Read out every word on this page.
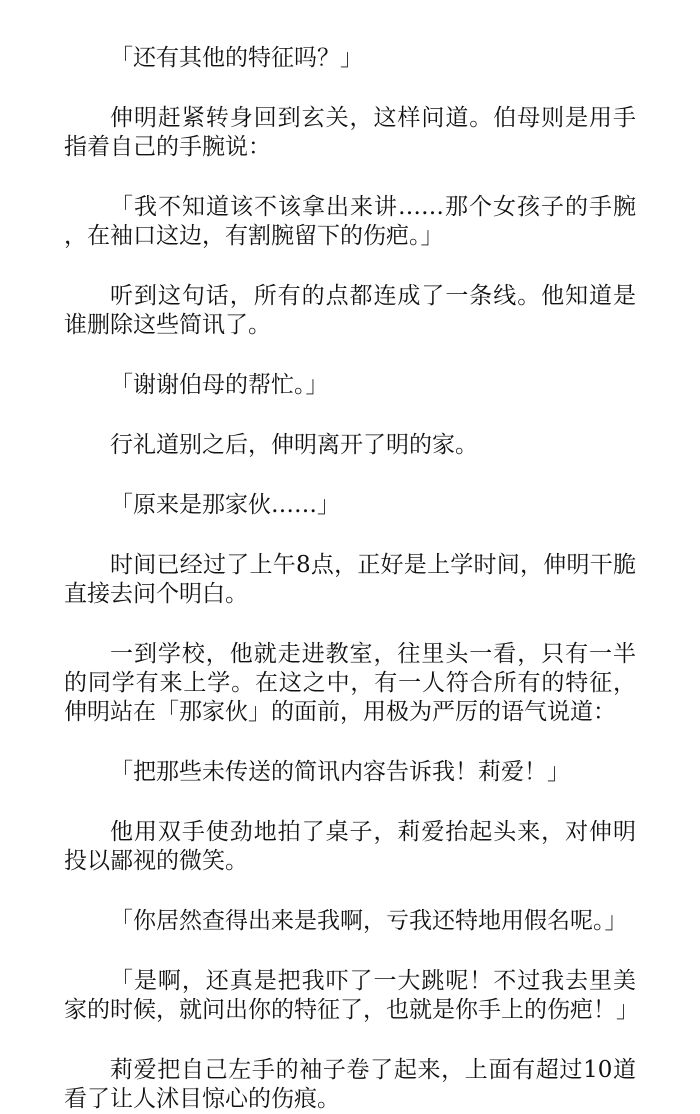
「还有其他的特征吗？」

伸明赶紧转身回到玄关，这样问道。伯母则是用手指着自己的手腕说：

「我不知道该不该拿出来讲……那个女孩子的手腕，在袖口这边，有割腕留下的伤疤。」

听到这句话，所有的点都连成了一条线。他知道是谁删除这些简讯了。

「谢谢伯母的帮忙。」

行礼道别之后，伸明离开了明的家。

「原来是那家伙……」

时间已经过了上午8点，正好是上学时间，伸明干脆直接去问个明白。

一到学校，他就走进教室，往里头一看，只有一半的同学有来上学。在这之中，有一人符合所有的特征，伸明站在「那家伙」的面前，用极为严厉的语气说道：

「把那些未传送的简讯内容告诉我！莉爱！」

他用双手使劲地拍了桌子，莉爱抬起头来，对伸明投以鄙视的微笑。

「你居然查得出来是我啊，亏我还特地用假名呢。」

「是啊，还真是把我吓了一大跳呢！不过我去里美家的时候，就问出你的特征了，也就是你手上的伤疤！」

莉爱把自己左手的袖子卷了起来，上面有超过10道看了让人沭目惊心的伤痕。
